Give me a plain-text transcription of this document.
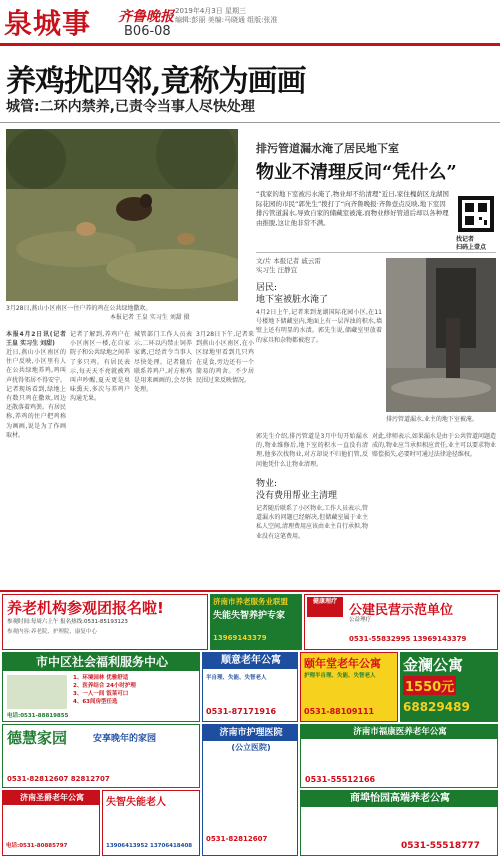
泉城事 齐鲁晚报 2019年4月3日 星期三
编辑:彭丽 美编:马晓通 组版:张准
B06-08
养鸡扰四邻,竟称为画画
城管:二环内禁养,已责令当事人尽快处理
3月28日,燕山小区南区一住户养的鸡在公共绿地撒欢。
本报记者 王皇 实习生 刘甜 摄
本报4月2日讯(记者 王皇 实习生 刘甜)
近日,燕山小区南区的住户反映,小区里有人在公共绿地养鸡,鸡叫声扰得邻居不得安宁。记者现场看到,绿地上有数只鸡在撒欢,周边还散落着鸡粪。有居民称,养鸡的住户把鸡称为画画,说是为了作画取材。
记者了解到,养鸡户在小区南区一楼,在自家院子和公共绿地之间养了多只鸡。有居民表示,每天天不亮就被鸡叫声吵醒,夏天更是臭味熏天,多次与养鸡户沟通无果。
城管部门工作人员表示,二环以内禁止饲养家禽,已经责令当事人尽快处理。记者随后联系养鸡户,对方称鸡是用来画画的,会尽快处理。
3月28日下午,记者来到燕山小区南区,在小区绿地里看到几只鸡在觅食,旁边还有一个简易的鸡舍。不少居民围过来反映情况。
排污管道漏水淹了居民地下室
物业不清理反问“凭什么”
“我家的地下室被污水淹了,物业却不给清理”近日,家住槐荫区龙湖国际花园的市民“郭先生”拨打了“向齐鲁晚报·齐鲁壹点反映,地下室因排污管道漏水,导致自家的储藏室被淹,而物业修好管道后却以各种理由推脱,这让他非常不满。
找记者
扫码上壹点
文/片 本报记者 戚云雷
实习生 汪静宜
居民:
地下室被脏水淹了
4月2日上午,记者来到龙湖国际花园小区,在11号楼地下储藏室内,地面上有一层浑浊的积水,墙壁上还有明显的水渍。郭先生说,储藏室里放着的家具和杂物都被泡了。
排污管道漏水,业主的地下室被淹。
郭先生介绍,排污管道是3月中旬开始漏水的,物业维修后,地下室的积水一直没有清理,他多次找物业,对方却说不归他们管,反问他凭什么让物业清理。
物业:
没有费用帮业主清理
记者随后联系了小区物业,工作人员表示,管道漏水的问题已经解决,但储藏室属于业主私人空间,清理费用应该由业主自行承担,物业没有这笔费用。
对此,律师表示,如果漏水是由于公共管道问题造成的,物业应当承担相应责任,业主可以要求物业赔偿损失,必要时可通过法律途径维权。
养老机构参观团报名啦!
参观时间:每周六上午 报名热线:0531-85193123
参观内容:养老院、护理院、康复中心
济南市养老服务业联盟
失能失智养护专家
13969143379
健康理疗
公建民营示范单位
公益理疗
0531-55832995 13969143379
市中区社会福利服务中心
1、环境园林 优雅舒适
2、医养结合 24小时护理
3、一人一间 饭菜可口
4、63间房型任选
电话:0531-88819855
顺意老年公寓
半自理、失能、失智老人
0531-87171916
颐年堂老年公寓
护理半自理、失能、失智老人
0531-88109111
金澜公寓
1550元
68829489
德慧家园	安享晚年的家园
0531-82812607 82812707
济南市护理医院
(公立医院)
0531-82812607
济南市福康医养老年公寓
0531-55512166
济南圣爵老年公寓
电话:0531-80885797
失智失能老人
13906413952 13706418408
商埠怡园高端养老公寓
0531-55518777
